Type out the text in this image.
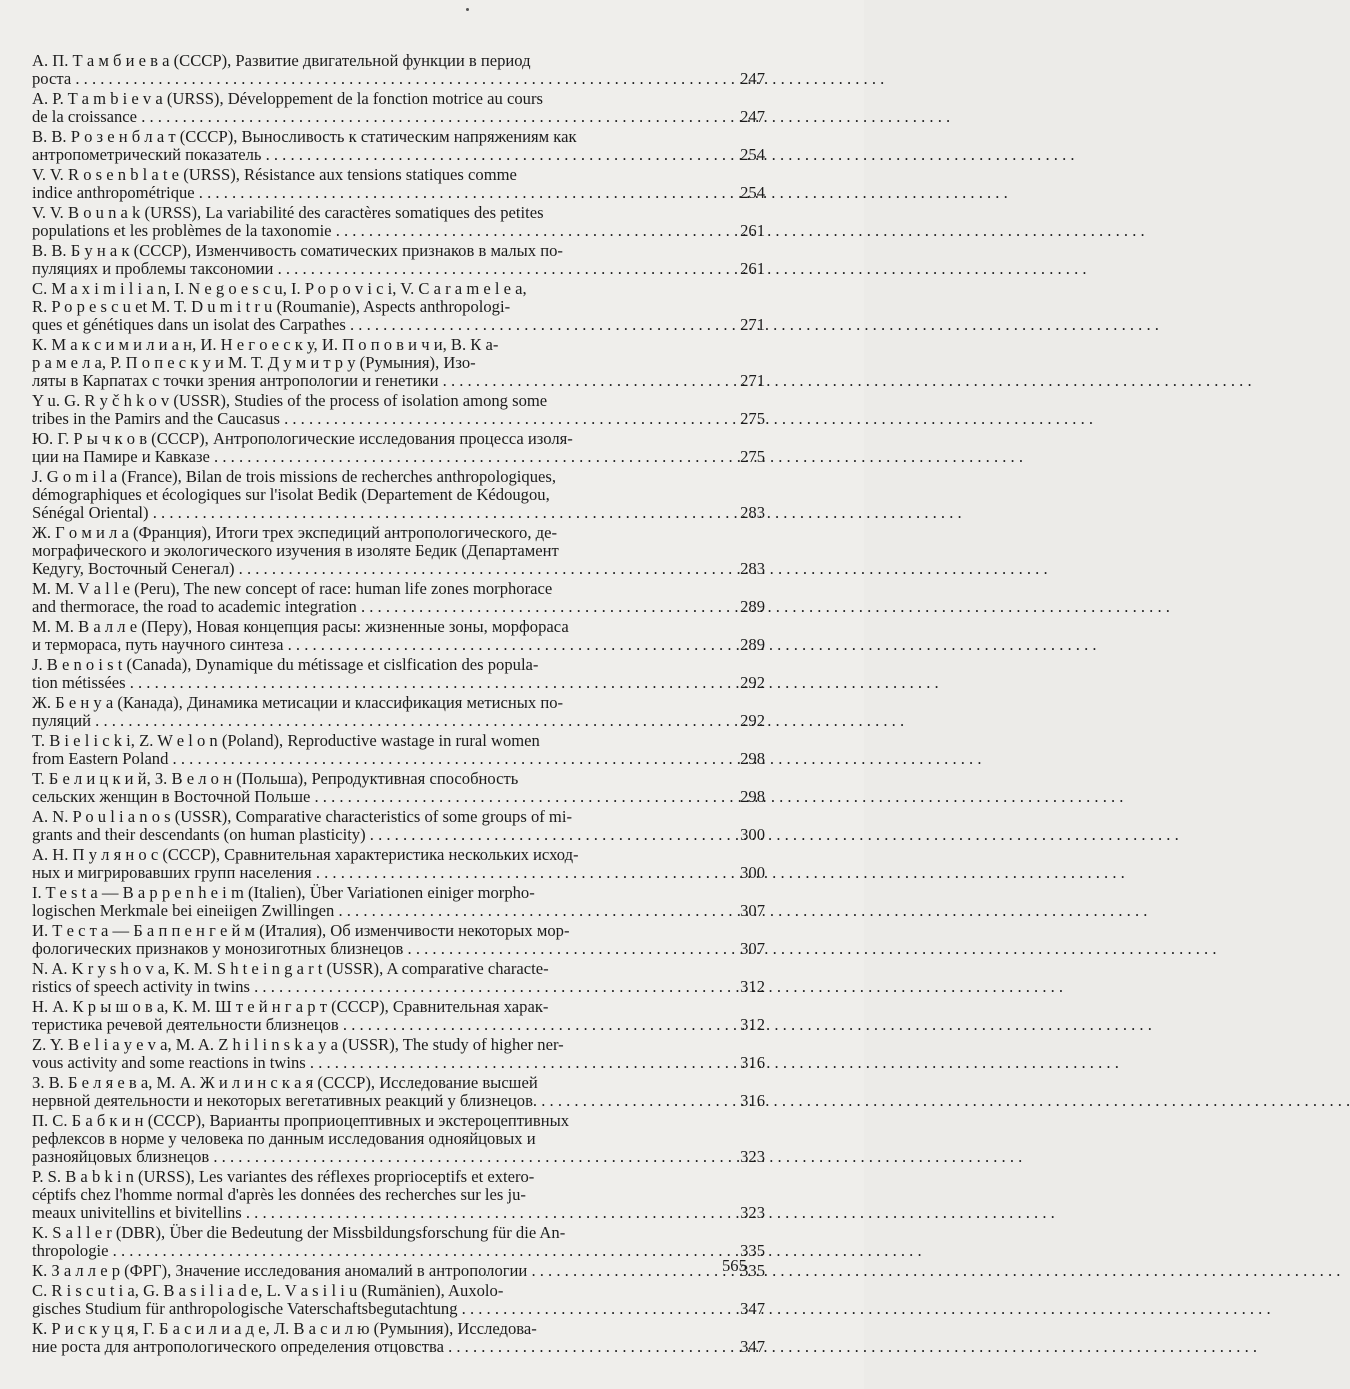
А. П. Т а м б и е в а (СССР), Развитие двигательной функции в период
роста . . .	247
A. P. T a m b i e v a (URSS), Développement de la fonction motrice au cours
de la croissance . . .	247
В. В. Р о з е н б л а т (СССР), Выносливость к статическим напряжениям как
антропометрический показатель . . .	254
V. V. R o s e n b l a t e (URSS), Résistance aux tensions statiques comme
indice anthropométrique . . .	254
V. V. B o u n a k (URSS), La variabilité des caractères somatiques des petites
populations et les problèmes de la taxonomie . . .	261
В. В. Б у н а к (СССР), Изменчивость соматических признаков в малых по-
пуляциях и проблемы таксономии . . .	261
C. M a x i m i l i a n, I. N e g o e s c u, I. P o p o v i c i, V. C a r a m e l e a,
R. P o p e s c u et M. T. D u m i t r u (Roumanie), Aspects anthropologi-
ques et génétiques dans un isolat des Carpathes . . .	271
К. М а к с и м и л и а н, И. Н е г о е с к у, И. П о п о в и ч и, В. К а-
р а м е л а, Р. П о п е с к у и М. Т. Д у м и т р у (Румыния), Изо-
ляты в Карпатах с точки зрения антропологии и генетики . . .	271
Y u. G. R y č h k o v (USSR), Studies of the process of isolation among some
tribes in the Pamirs and the Caucasus . . .	275
Ю. Г. Р ы ч к о в (СССР), Антропологические исследования процесса изоля-
ции на Памире и Кавказе . . .	275
J. G o m i l a (France), Bilan de trois missions de recherches anthropologiques,
démographiques et écologiques sur l'isolat Bedik (Departement de Kédougou,
Sénégal Oriental) . . .	283
Ж. Г о м и л а (Франция), Итоги трех экспедиций антропологического, де-
мографического и экологического изучения в изоляте Бедик (Департамент
Кедугу, Восточный Сенегал) . . .	283
M. M. V a l l e (Peru), The new concept of race: human life zones morphorace
and thermorace, the road to academic integration . . .	289
М. М. В а л л е (Перу), Новая концепция расы: жизненные зоны, морфораса
и термораса, путь научного синтеза . . .	289
J. B e n o i s t (Canada), Dynamique du métissage et cislfication des popula-
tion métissées . . .	292
Ж. Б е н у а (Канада), Динамика метисации и классификация метисных по-
пуляций . . .	292
T. B i e l i c k i, Z. W e l o n (Poland), Reproductive wastage in rural women
from Eastern Poland . . .	298
Т. Б е л и ц к и й, З. В е л о н (Польша), Репродуктивная способность
сельских женщин в Восточной Польше . . .	298
A. N. P o u l i a n o s (USSR), Comparative characteristics of some groups of mi-
grants and their descendants (on human plasticity) . . .	300
А. Н. П у л я н о с (СССР), Сравнительная характеристика нескольких исход-
ных и мигрировавших групп населения . . .	300
I. T e s t a — B a p p e n h e i m (Italien), Über Variationen einiger morpho-
logischen Merkmale bei eineiigen Zwillingen . . .	307
И. Т е с т а — Б а п п е н г е й м (Италия), Об изменчивости некоторых мор-
фологических признаков у монозиготных близнецов . . .	307
N. A. K r y s h o v a, K. M. S h t e i n g a r t (USSR), A comparative characte-
ristics of speech activity in twins . . .	312
Н. А. К р ы ш о в а, К. М. Ш т е й н г а р т (СССР), Сравнительная харак-
теристика речевой деятельности близнецов . . .	312
Z. Y. B e l i a y e v a, M. A. Z h i l i n s k a y a (USSR), The study of higher ner-
vous activity and some reactions in twins . . .	316
З. В. Б е л я е в а, М. А. Ж и л и н с к а я (СССР), Исследование высшей
нервной деятельности и некоторых вегетативных реакций у близнецов. . . .	316
П. С. Б а б к и н (СССР), Варианты проприоцептивных и экстероцептивных
рефлексов в норме у человека по данным исследования однояйцовых и
разнояйцовых близнецов . . .	323
P. S. B a b k i n (URSS), Les variantes des réflexes proprioceptifs et extero-
céptifs chez l'homme normal d'après les données des recherches sur les ju-
meaux univitellins et bivitellins . . .	323
K. S a l l e r (DBR), Über die Bedeutung der Missbildungsforschung für die An-
thropologie . . .	335
К. З а л л е р (ФРГ), Значение исследования аномалий в антропологии . . .	335
C. R i s c u t i a, G. B a s i l i a d e, L. V a s i l i u (Rumänien), Auxolo-
gisches Studium für anthropologische Vaterschaftsbegutachtung . . .	347
К. Р и с к у ц я, Г. Б а с и л и а д е, Л. В а с и л ю (Румыния), Исследова-
ние роста для антропологического определения отцовства . . .	347
565
